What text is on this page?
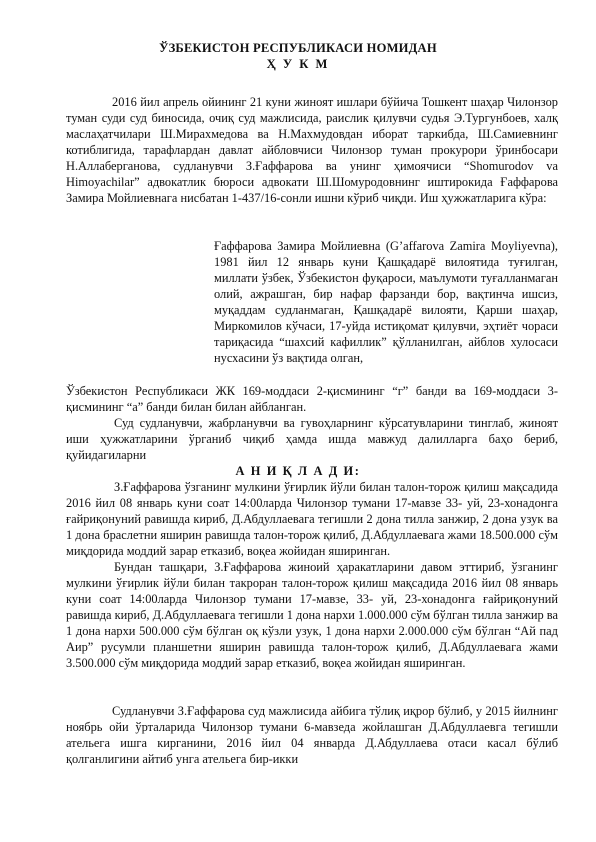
ЎЗБЕКИСТОН РЕСПУБЛИКАСИ НОМИДАН
Ҳ У К М
2016 йил апрель ойининг 21 куни жиноят ишлари бўйича Тошкент шаҳар Чилонзор туман суди суд биносида, очиқ суд мажлисида, раислик қилувчи судья Э.Тургунбоев, халқ маслаҳатчилари Ш.Мирахмедова ва Н.Махмудовдан иборат таркибда, Ш.Самиевнинг котиблигида, тарафлардан давлат айбловчиси Чилонзор туман прокурори ўринбосари Н.Аллаберганова, судланувчи З.Ғаффарова ва унинг ҳимоячиси “Shomurodov va Himoyachilar” адвокатлик бюроси адвокати Ш.Шомуродовнинг иштирокида Ғаффарова Замира Мойлиевнага нисбатан 1-437/16-сонли ишни кўриб чиқди. Иш ҳужжатларига кўра:
Ғаффарова Замира Мойлиевна (G’affarova Zamira Moyliyevna), 1981 йил 12 январь куни Қашқадарё вилоятида туғилган, миллати ўзбек, Ўзбекистон фуқароси, маълумоти туғалланмаган олий, ажрашган, бир нафар фарзанди бор, вақтинча ишсиз, муқаддам судланмаган, Қашқадарё вилояти, Қарши шаҳар, Миркомилов кўчаси, 17-уйда истиқомат қилувчи, эҳтиёт чораси тариқасида “шахсий кафиллик” қўлланилган, айблов хулосаси нусхасини ўз вақтида олган,
Ўзбекистон Республикаси ЖК 169-моддаси 2-қисмининг “г” банди ва 169-моддаси 3-қисмининг “а” банди билан билан айбланган.
Суд судланувчи, жабрланувчи ва гувоҳларнинг кўрсатувларини тинглаб, жиноят иши ҳужжатларини ўрганиб чиқиб ҳамда ишда мавжуд далилларга баҳо бериб, қуйидагиларни
А Н И Қ Л А Д И:
З.Ғаффарова ўзганинг мулкини ўғирлик йўли билан талон-торож қилиш мақсадида 2016 йил 08 январь куни соат 14:00ларда Чилонзор тумани 17-мавзе 33- уй, 23-хонадонга ғайриқонуний равишда кириб, Д.Абдуллаевага тегишли 2 дона тилла занжир, 2 дона узук ва 1 дона браслетни яширин равишда талон-торож қилиб, Д.Абдуллаевага жами 18.500.000 сўм миқдорида моддий зарар етказиб, воқеа жойидан яширинган.
Бундан ташқари, З.Ғаффарова жиноий ҳаракатларини давом эттириб, ўзганинг мулкини ўғирлик йўли билан такроран талон-торож қилиш мақсадида 2016 йил 08 январь куни соат 14:00ларда Чилонзор тумани 17-мавзе, 33- уй, 23-хонадонга ғайриқонуний равишда кириб, Д.Абдуллаевага тегишли 1 дона нархи 1.000.000 сўм бўлган тилла занжир ва 1 дона нархи 500.000 сўм бўлган оқ кўзли узук, 1 дона нархи 2.000.000 сўм бўлган “Ай пад Аир” русумли планшетни яширин равишда талон-торож қилиб, Д.Абдуллаевага жами 3.500.000 сўм миқдорида моддий зарар етказиб, воқеа жойидан яширинган.
Судланувчи З.Ғаффарова суд мажлисида айбига тўлиқ иқрор бўлиб, у 2015 йилнинг ноябрь ойи ўрталарида Чилонзор тумани 6-мавзеда жойлашган Д.Абдуллаевга тегишли ательега ишга кирганини, 2016 йил 04 январда Д.Абдуллаева отаси касал бўлиб қолганлигини айтиб унга ательега бир-икки
